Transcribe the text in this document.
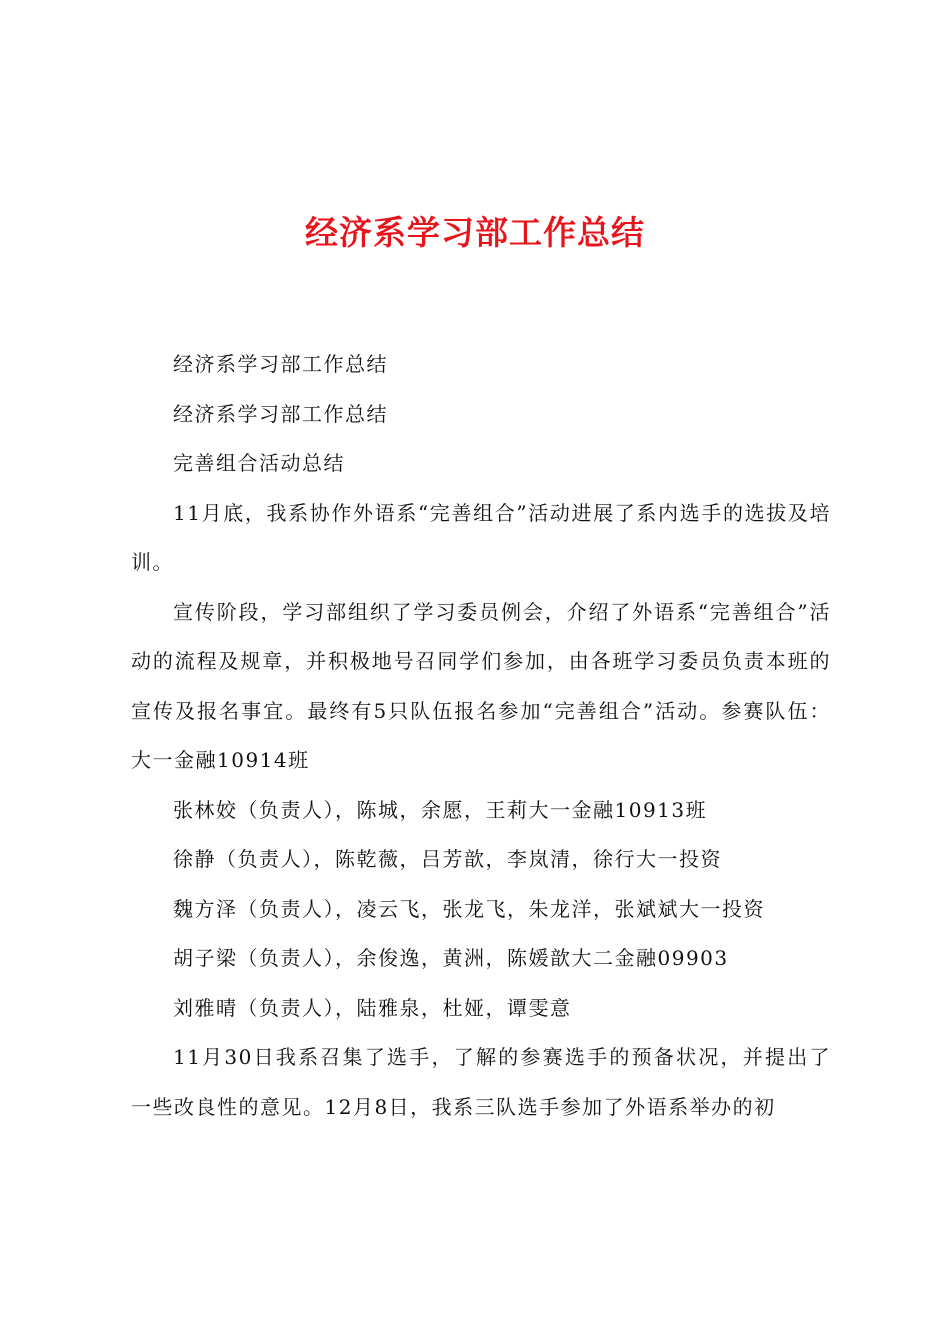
经济系学习部工作总结

经济系学习部工作总结

经济系学习部工作总结

完善组合活动总结

11月底，我系协作外语系“完善组合”活动进展了系内选手的选拔及培训。

宣传阶段，学习部组织了学习委员例会，介绍了外语系“完善组合”活动的流程及规章，并积极地号召同学们参加，由各班学习委员负责本班的宣传及报名事宜。最终有5只队伍报名参加“完善组合”活动。参赛队伍：大一金融10914班

张林姣（负责人），陈城，余愿，王莉大一金融10913班

徐静（负责人），陈乾薇，吕芳歆，李岚清，徐行大一投资

魏方泽（负责人），凌云飞，张龙飞，朱龙洋，张斌斌大一投资

胡子梁（负责人），余俊逸，黄洲，陈媛歆大二金融09903

刘雅晴（负责人），陆雅泉，杜娅，谭雯意

11月30日我系召集了选手，了解的参赛选手的预备状况，并提出了一些改良性的意见。12月8日，我系三队选手参加了外语系举办的初
